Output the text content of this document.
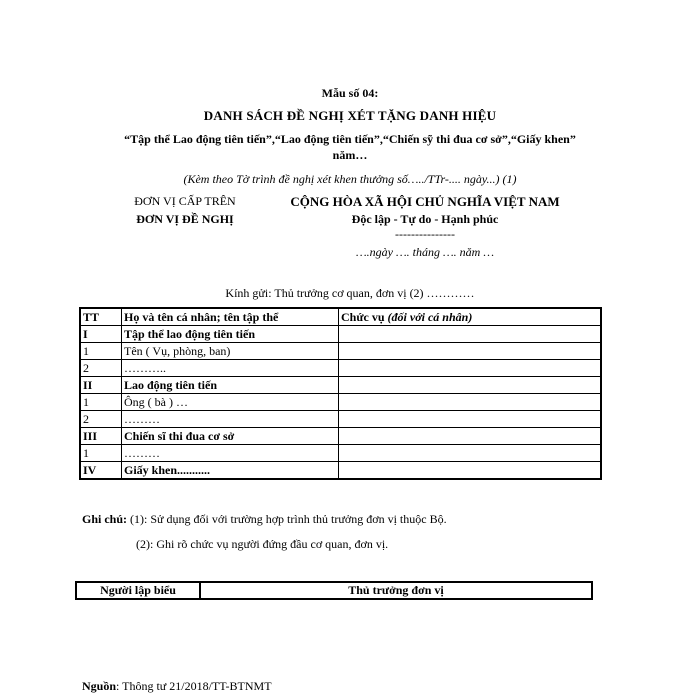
Mẫu số 04:
DANH SÁCH ĐỀ NGHỊ XÉT TẶNG DANH HIỆU
“Tập thể Lao động tiên tiến”,“Lao động tiên tiến”,“Chiến sỹ thi đua cơ sở”,“Giấy khen”
năm…
(Kèm theo Tờ trình đề nghị xét khen thưởng số…../TTr-.... ngày...) (1)
ĐƠN VỊ CẤP TRÊN
ĐƠN VỊ ĐỀ NGHỊ
CỘNG HÒA XÃ HỘI CHỦ NGHĨA VIỆT NAM
Độc lập - Tự do - Hạnh phúc
---------------
….ngày …. tháng …. năm …
Kính gửi: Thủ trưởng cơ quan, đơn vị (2) …………
TT	Họ và tên cá nhân; tên tập thể	Chức vụ (đối với cá nhân)
I	Tập thể lao động tiên tiến	
1	Tên ( Vụ, phòng, ban)	
2	………..	
II	Lao động tiên tiến	
1	Ông ( bà ) …	
2	………	
III	Chiến sĩ thi đua cơ sở	
1	………	
IV	Giấy khen...........	
Ghi chú: (1): Sử dụng đối với trường hợp trình thủ trưởng đơn vị thuộc Bộ.
(2): Ghi rõ chức vụ người đứng đầu cơ quan, đơn vị.
Người lập biểu	Thủ trưởng đơn vị
Nguồn: Thông tư 21/2018/TT-BTNMT
